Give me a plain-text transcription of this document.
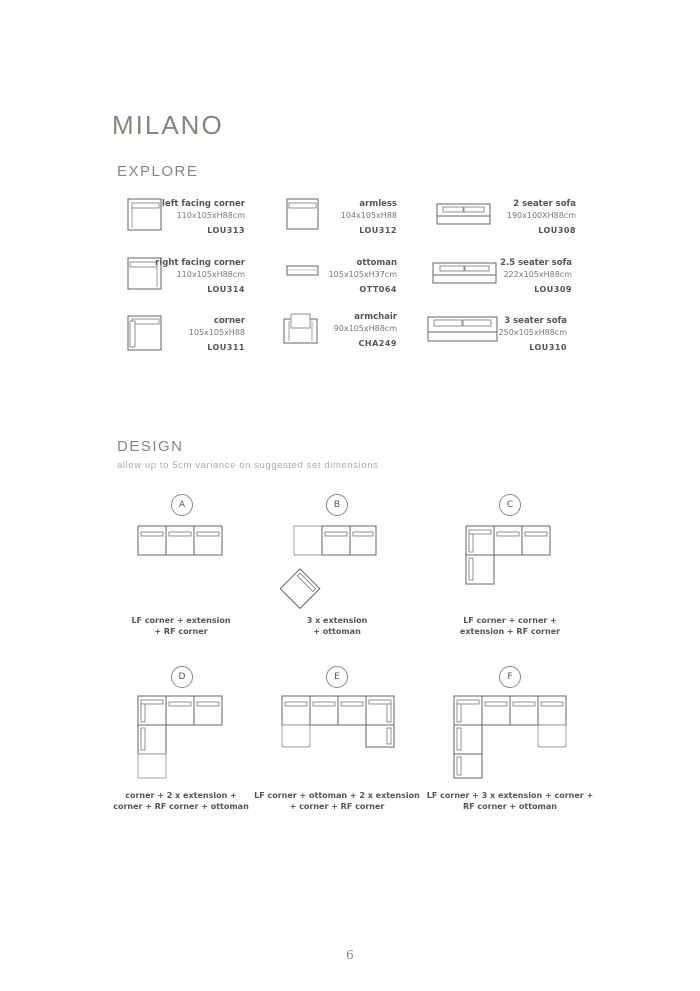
MILANO
EXPLORE
left facing corner
110x105xH88cm
LOU313
armless
104x105xH88
LOU312
2 seater sofa
190x100XH88cm
LOU308
right facing corner
110x105xH88cm
LOU314
ottoman
105x105xH37cm
OTT064
2.5 seater sofa
222x105xH88cm
LOU309
corner
105x105xH88
LOU311
armchair
90x105xH88cm
CHA249
3 seater sofa
250x105xH88cm
LOU310
DESIGN
allow up to 5cm variance on suggested set dimensions
A
LF corner + extension
+ RF corner
B
3 x extension
+ ottoman
C
LF corner + corner +
extension + RF corner
D
corner + 2 x extension +
corner + RF corner + ottoman
E
LF corner + ottoman + 2 x extension
+ corner + RF corner
F
LF corner + 3 x extension + corner +
RF corner + ottoman
6
